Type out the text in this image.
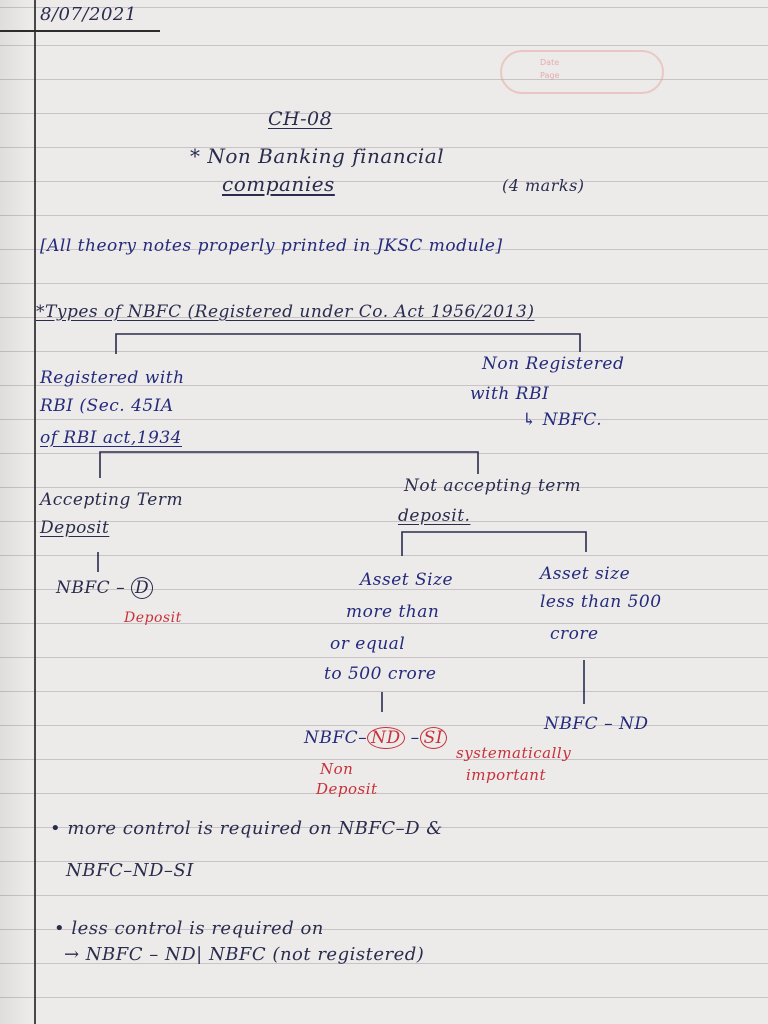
Date
Page
8/07/2021
CH-08
* Non Banking financial
companies	(4 marks)
[All theory notes properly printed in JKSC module]
*Types of NBFC (Registered under Co. Act 1956/2013)
Registered with
RBI (Sec. 45IA
of RBI act,1934
Non Registered
with RBI
↳ NBFC.
Accepting Term
Deposit
Not accepting term
deposit.
NBFC – D
Deposit
Asset Size
more than
or equal
to 500 crore
Asset size
less than 500
crore
NBFC– ND – SI
NBFC – ND
Non
Deposit
systematically
important
• more control is required on NBFC–D &
NBFC–ND–SI
• less control is required on
→ NBFC – ND| NBFC (not registered)
